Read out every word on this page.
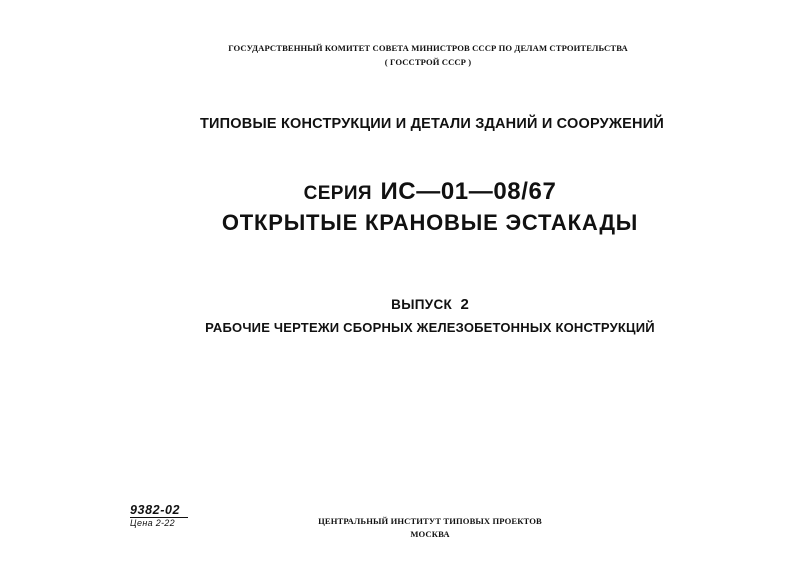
ГОСУДАРСТВЕННЫЙ КОМИТЕТ СОВЕТА МИНИСТРОВ СССР ПО ДЕЛАМ СТРОИТЕЛЬСТВА
( ГОССТРОЙ СССР )
ТИПОВЫЕ КОНСТРУКЦИИ И ДЕТАЛИ ЗДАНИЙ И СООРУЖЕНИЙ
СЕРИЯ ИС—01—08/67
ОТКРЫТЫЕ КРАНОВЫЕ ЭСТАКАДЫ
ВЫПУСК 2
РАБОЧИЕ ЧЕРТЕЖИ СБОРНЫХ ЖЕЛЕЗОБЕТОННЫХ КОНСТРУКЦИЙ
9382-02
Цена 2-22	ЦЕНТРАЛЬНЫЙ ИНСТИТУТ ТИПОВЫХ ПРОЕКТОВ
МОСКВА
